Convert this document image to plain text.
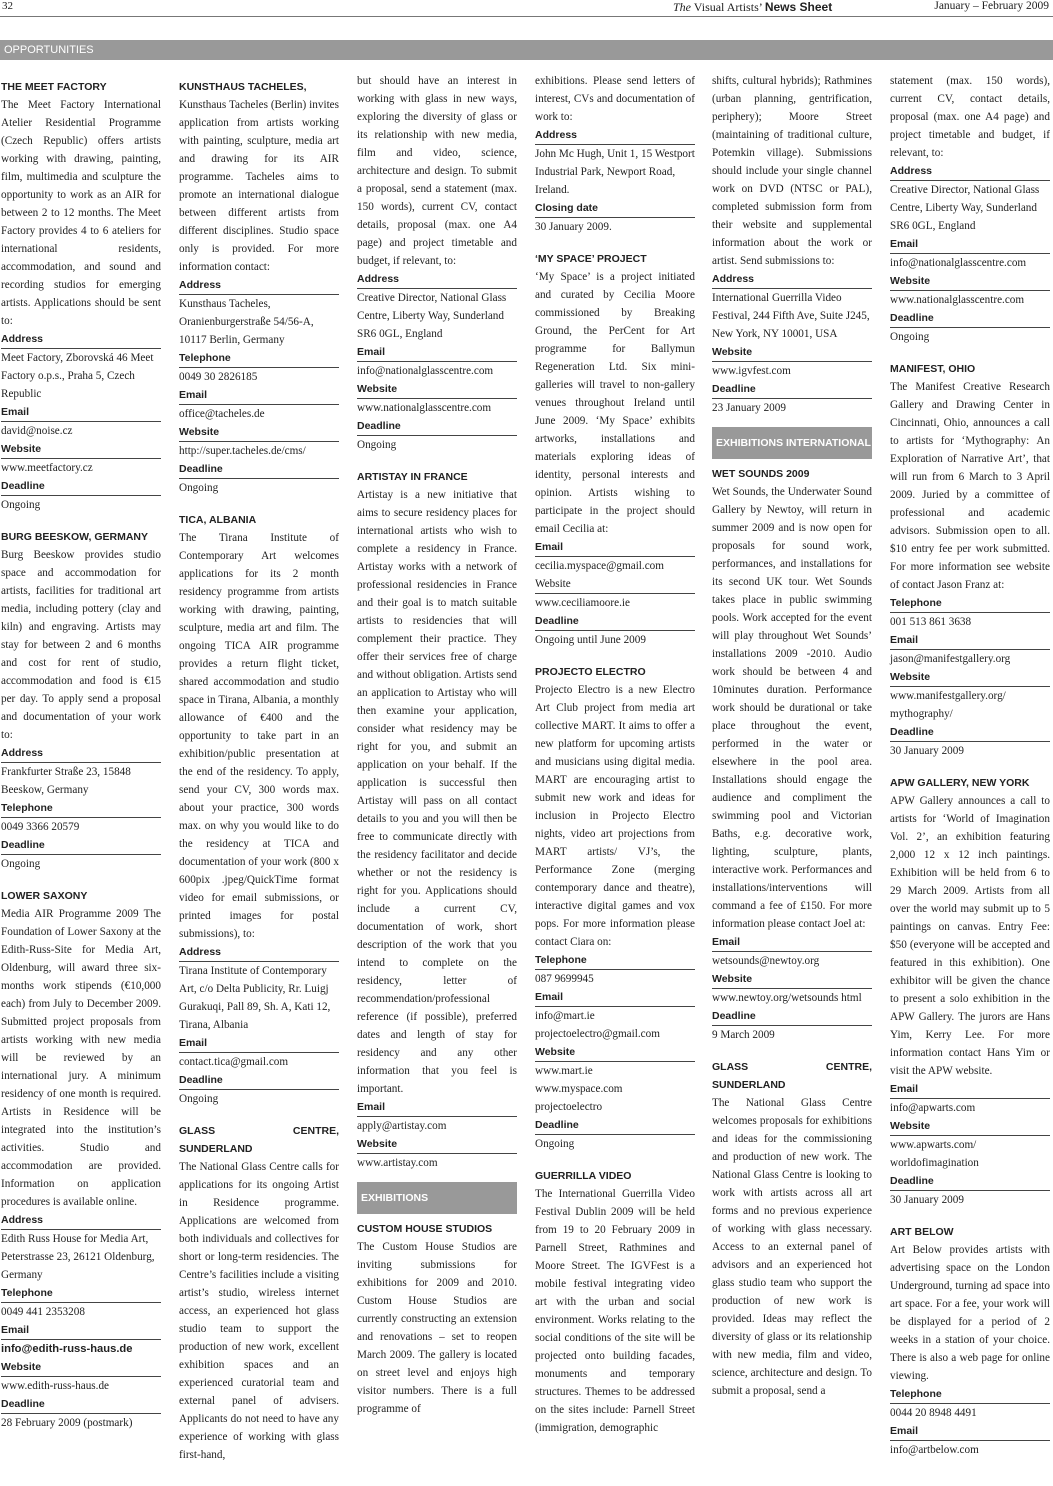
32	The Visual Artists’ News Sheet	January – February 2009
OPPORTUNITIES
THE MEET FACTORY

The Meet Factory International Atelier Residential Programme (Czech Republic) offers artists working with drawing, painting, film, multimedia and sculpture the opportunity to work as an AIR for between 2 to 12 months. The Meet Factory provides 4 to 6 ateliers for international residents, accommodation, and sound and recording studios for emerging artists. Applications should be sent to:

Address
Meet Factory, Zborovská 46 Meet Factory o.p.s., Praha 5, Czech Republic
Email
david@noise.cz
Website
www.meetfactory.cz
Deadline
Ongoing
BURG BEESKOW, GERMANY

Burg Beeskow provides studio space and accommodation for artists, facilities for traditional art media, including pottery (clay and kiln) and engraving. Artists may stay for between 2 and 6 months and cost for rent of studio, accommodation and food is €15 per day. To apply send a proposal and documentation of your work to:

Address
Frankfurter Straße 23, 15848 Beeskow, Germany
Telephone
0049 3366 20579
Deadline
Ongoing
LOWER SAXONY

Media AIR Programme 2009 The Foundation of Lower Saxony at the Edith-Russ-Site for Media Art, Oldenburg, will award three six-months work stipends (€10,000 each) from July to December 2009. Submitted project proposals from artists working with new media will be reviewed by an international jury. A minimum residency of one month is required. Artists in Residence will be integrated into the institution’s activities. Studio and accommodation are provided. Information on application procedures is available online.

Address
Edith Russ House for Media Art, Peterstrasse 23, 26121 Oldenburg, Germany
Telephone
0049 441 2353208
Email
info@edith-russ-haus.de
Website
www.edith-russ-haus.de
Deadline
28 February 2009 (postmark)
KUNSTHAUS TACHELES,

Kunsthaus Tacheles (Berlin) invites application from artists working with painting, sculpture, media art and drawing for its AIR programme. Tacheles aims to promote an international dialogue between different artists from different disciplines. Studio space only is provided. For more information contact:

Address
Kunsthaus Tacheles, Oranienburgerstraße 54/56-A, 10117 Berlin, Germany
Telephone
0049 30 2826185
Email
office@tacheles.de
Website
http://super.tacheles.de/cms/
Deadline
Ongoing
TICA, ALBANIA

The Tirana Institute of Contemporary Art welcomes applications for its 2 month residency programme from artists working with drawing, painting, sculpture, media art and film. The ongoing TICA AIR programme provides a return flight ticket, shared accommodation and studio space in Tirana, Albania, a monthly allowance of €400 and the opportunity to take part in an exhibition/public presentation at the end of the residency. To apply, send your CV, 300 words max. about your practice, 300 words max. on why you would like to do the residency at TICA and documentation of your work (800 x 600pix .jpeg/QuickTime format video for email submissions, or printed images for postal submissions), to:

Address
Tirana Institute of Contemporary Art, c/o Delta Publicity, Rr. Luigj Gurakuqi, Pall 89, Sh. A, Kati 12, Tirana, Albania
Email
contact.tica@gmail.com
Deadline
Ongoing
GLASS CENTRE, SUNDERLAND

The National Glass Centre calls for applications for its ongoing Artist in Residence programme. Applications are welcomed from both individuals and collectives for short or long-term residencies. The Centre’s facilities include a visiting artist’s studio, wireless internet access, an experienced hot glass studio team to support the production of new work, excellent exhibition spaces and an experienced curatorial team and external panel of advisers. Applicants do not need to have any experience of working with glass first-hand,

but should have an interest in working with glass in new ways, exploring the diversity of glass or its relationship with new media, film and video, science, architecture and design. To submit a proposal, send a statement (max. 150 words), current CV, contact details, proposal (max. one A4 page) and project timetable and budget, if relevant, to:

Address
Creative Director, National Glass Centre, Liberty Way, Sunderland SR6 0GL, England
Email
info@nationalglasscentre.com
Website
www.nationalglasscentre.com
Deadline
Ongoing
ARTISTAY IN FRANCE

Artistay is a new initiative that aims to secure residency places for international artists who wish to complete a residency in France. Artistay works with a network of professional residencies in France and their goal is to match suitable artists to residencies that will complement their practice. They offer their services free of charge and without obligation. Artists send an application to Artistay who will then examine your application, consider what residency may be right for you, and submit an application on your behalf. If the application is successful then Artistay will pass on all contact details to you and you will then be free to communicate directly with the residency facilitator and decide whether or not the residency is right for you. Applications should include a current CV, documentation of work, short description of the work that you intend to complete on the residency, letter of recommendation/professional reference (if possible), preferred dates and length of stay for residency and any other information that you feel is important.

Email
apply@artistay.com
Website
www.artistay.com
EXHIBITIONS
CUSTOM HOUSE STUDIOS

The Custom House Studios are inviting submissions for exhibitions for 2009 and 2010. Custom House Studios are currently constructing an extension and renovations – set to reopen March 2009. The gallery is located on street level and enjoys high visitor numbers. There is a full programme of

exhibitions. Please send letters of interest, CVs and documentation of work to:

Address
John Mc Hugh, Unit 1, 15 Westport Industrial Park, Newport Road, Ireland.
Closing date
30 January 2009.
‘MY SPACE’ PROJECT

‘My Space’ is a project initiated and curated by Cecilia Moore commissioned by Breaking Ground, the PerCent for Art programme for Ballymun Regeneration Ltd. Six mini-galleries will travel to non-gallery venues throughout Ireland until June 2009. ‘My Space’ exhibits artworks, installations and materials exploring ideas of identity, personal interests and opinion. Artists wishing to participate in the project should email Cecilia at:

Email
cecilia.myspace@gmail.com

Website

www.ceciliamoore.ie
Deadline
Ongoing until June 2009
PROJECTO ELECTRO

Projecto Electro is a new Electro Art Club project from media art collective MART. It aims to offer a new platform for upcoming artists and musicians using digital media. MART are encouraging artist to submit new work and ideas for inclusion in Projecto Electro nights, video art projections from MART artists/ VJ’s, the Performance Zone (merging contemporary dance and theatre), interactive digital games and vox pops. For more information please contact Ciara on:

Telephone
087 9699945
Email
info@mart.ie

projectoelectro@gmail.com

Website
www.mart.ie

www.myspace.com

projectoelectro

Deadline
Ongoing
GUERRILLA VIDEO

The International Guerrilla Video Festival Dublin 2009 will be held from 19 to 20 February 2009 in Parnell Street, Rathmines and Moore Street. The IGVFest is a mobile festival integrating video art with the urban and social environment. Works relating to the social conditions of the site will be projected onto building facades, monuments and temporary structures. Themes to be addressed on the sites include: Parnell Street (immigration, demographic

shifts, cultural hybrids); Rathmines (urban planning, gentrification, periphery); Moore Street (maintaining of traditional culture, Potemkin village). Submissions should include your single channel work on DVD (NTSC or PAL), completed submission form from their website and supplemental information about the work or artist. Send submissions to:

Address
International Guerrilla Video Festival, 244 Fifth Ave, Suite J245, New York, NY 10001, USA
Website
www.igvfest.com
Deadline
23 January 2009
EXHIBITIONS INTERNATIONAL
WET SOUNDS 2009

Wet Sounds, the Underwater Sound Gallery by Newtoy, will return in summer 2009 and is now open for proposals for sound work, performances, and installations for its second UK tour. Wet Sounds takes place in public swimming pools. Work accepted for the event will play throughout Wet Sounds’ installations 2009 -2010. Audio work should be between 4 and 10minutes duration. Performance work should be durational or take place throughout the event, performed in the water or elsewhere in the pool area. Installations should engage the audience and compliment the swimming pool and Victorian Baths, e.g. decorative work, lighting, sculpture, plants, interactive work. Performances and installations/interventions will command a fee of £150. For more information please contact Joel at:

Email
wetsounds@newtoy.org
Website
www.newtoy.org/wetsounds html
Deadline
9 March 2009
GLASS CENTRE, SUNDERLAND

The National Glass Centre welcomes proposals for exhibitions and ideas for the commissioning and production of new work. The National Glass Centre is looking to work with artists across all art forms and no previous experience of working with glass necessary. Access to an external panel of advisors and an experienced hot glass studio team who support the production of new work is provided. Ideas may reflect the diversity of glass or its relationship with new media, film and video, science, architecture and design. To submit a proposal, send a

statement (max. 150 words), current CV, contact details, proposal (max. one A4 page) and project timetable and budget, if relevant, to:

Address
Creative Director, National Glass Centre, Liberty Way, Sunderland SR6 0GL, England
Email
info@nationalglasscentre.com
Website
www.nationalglasscentre.com
Deadline
Ongoing
MANIFEST, OHIO

The Manifest Creative Research Gallery and Drawing Center in Cincinnati, Ohio, announces a call to artists for ‘Mythography: An Exploration of Narrative Art’, that will run from 6 March to 3 April 2009. Juried by a committee of professional and academic advisors. Submission open to all. $10 entry fee per work submitted. For more information see website of contact Jason Franz at:

Telephone
001 513 861 3638
Email
jason@manifestgallery.org
Website
www.manifestgallery.org/ mythography/
Deadline
30 January 2009
APW GALLERY, NEW YORK

APW Gallery announces a call to artists for ‘World of Imagination Vol. 2’, an exhibition featuring 2,000 12 x 12 inch paintings. Exhibition will be held from 6 to 29 March 2009. Artists from all over the world may submit up to 5 paintings on canvas. Entry Fee: $50 (everyone will be accepted and featured in this exhibition). One exhibitor will be given the chance to present a solo exhibition in the APW Gallery. The jurors are Hans Yim, Kerry Lee. For more information contact Hans Yim or visit the APW website.

Email
info@apwarts.com
Website
www.apwarts.com/ worldofimagination
Deadline
30 January 2009
ART BELOW

Art Below provides artists with advertising space on the London Underground, turning ad space into art space. For a fee, your work will be displayed for a period of 2 weeks in a station of your choice. There is also a web page for online viewing.

Telephone
0044 20 8948 4491
Email
info@artbelow.com
